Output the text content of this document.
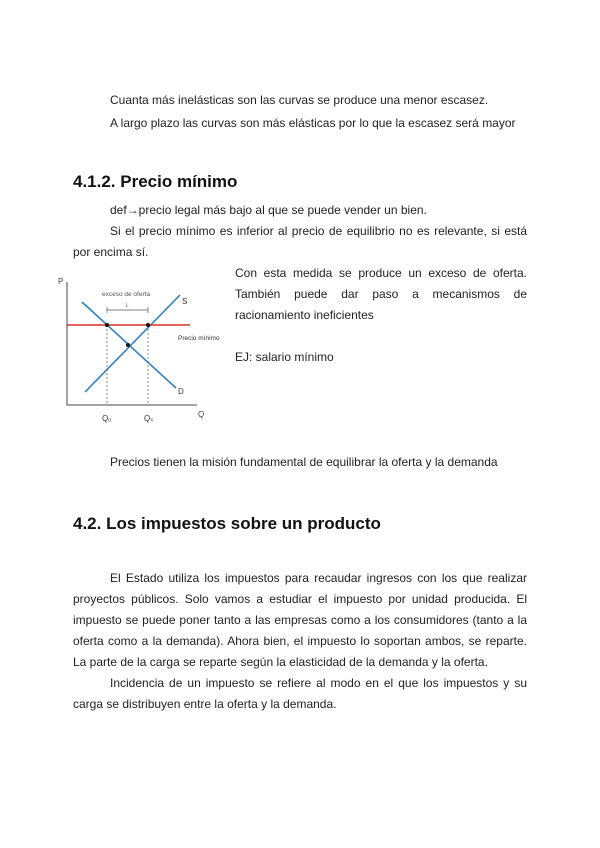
Cuanta más inelásticas son las curvas se produce una menor escasez.
A largo plazo las curvas son más elásticas por lo que la escasez será mayor
4.1.2. Precio mínimo
def→precio legal más bajo al que se puede vender un bien.
Si el precio mínimo es inferior al precio de equilibrio no es relevante, si está
por encima sí.
P
Q
exceso de oferta
L	S
D
Precio mínimo
Qₒ	Qₛ
Con esta medida se produce un exceso de oferta.
También puede dar paso a mecanismos de
racionamiento ineficientes
EJ: salario mínimo
Precios tienen la misión fundamental de equilibrar la oferta y la demanda
4.2. Los impuestos sobre un producto
El Estado utiliza los impuestos para recaudar ingresos con los que realizar
proyectos públicos. Solo vamos a estudiar el impuesto por unidad producida. El
impuesto se puede poner tanto a las empresas como a los consumidores (tanto a la
oferta como a la demanda). Ahora bien, el impuesto lo soportan ambos, se reparte.
La parte de la carga se reparte según la elasticidad de la demanda y la oferta.
Incidencia de un impuesto se refiere al modo en el que los impuestos y su
carga se distribuyen entre la oferta y la demanda.
